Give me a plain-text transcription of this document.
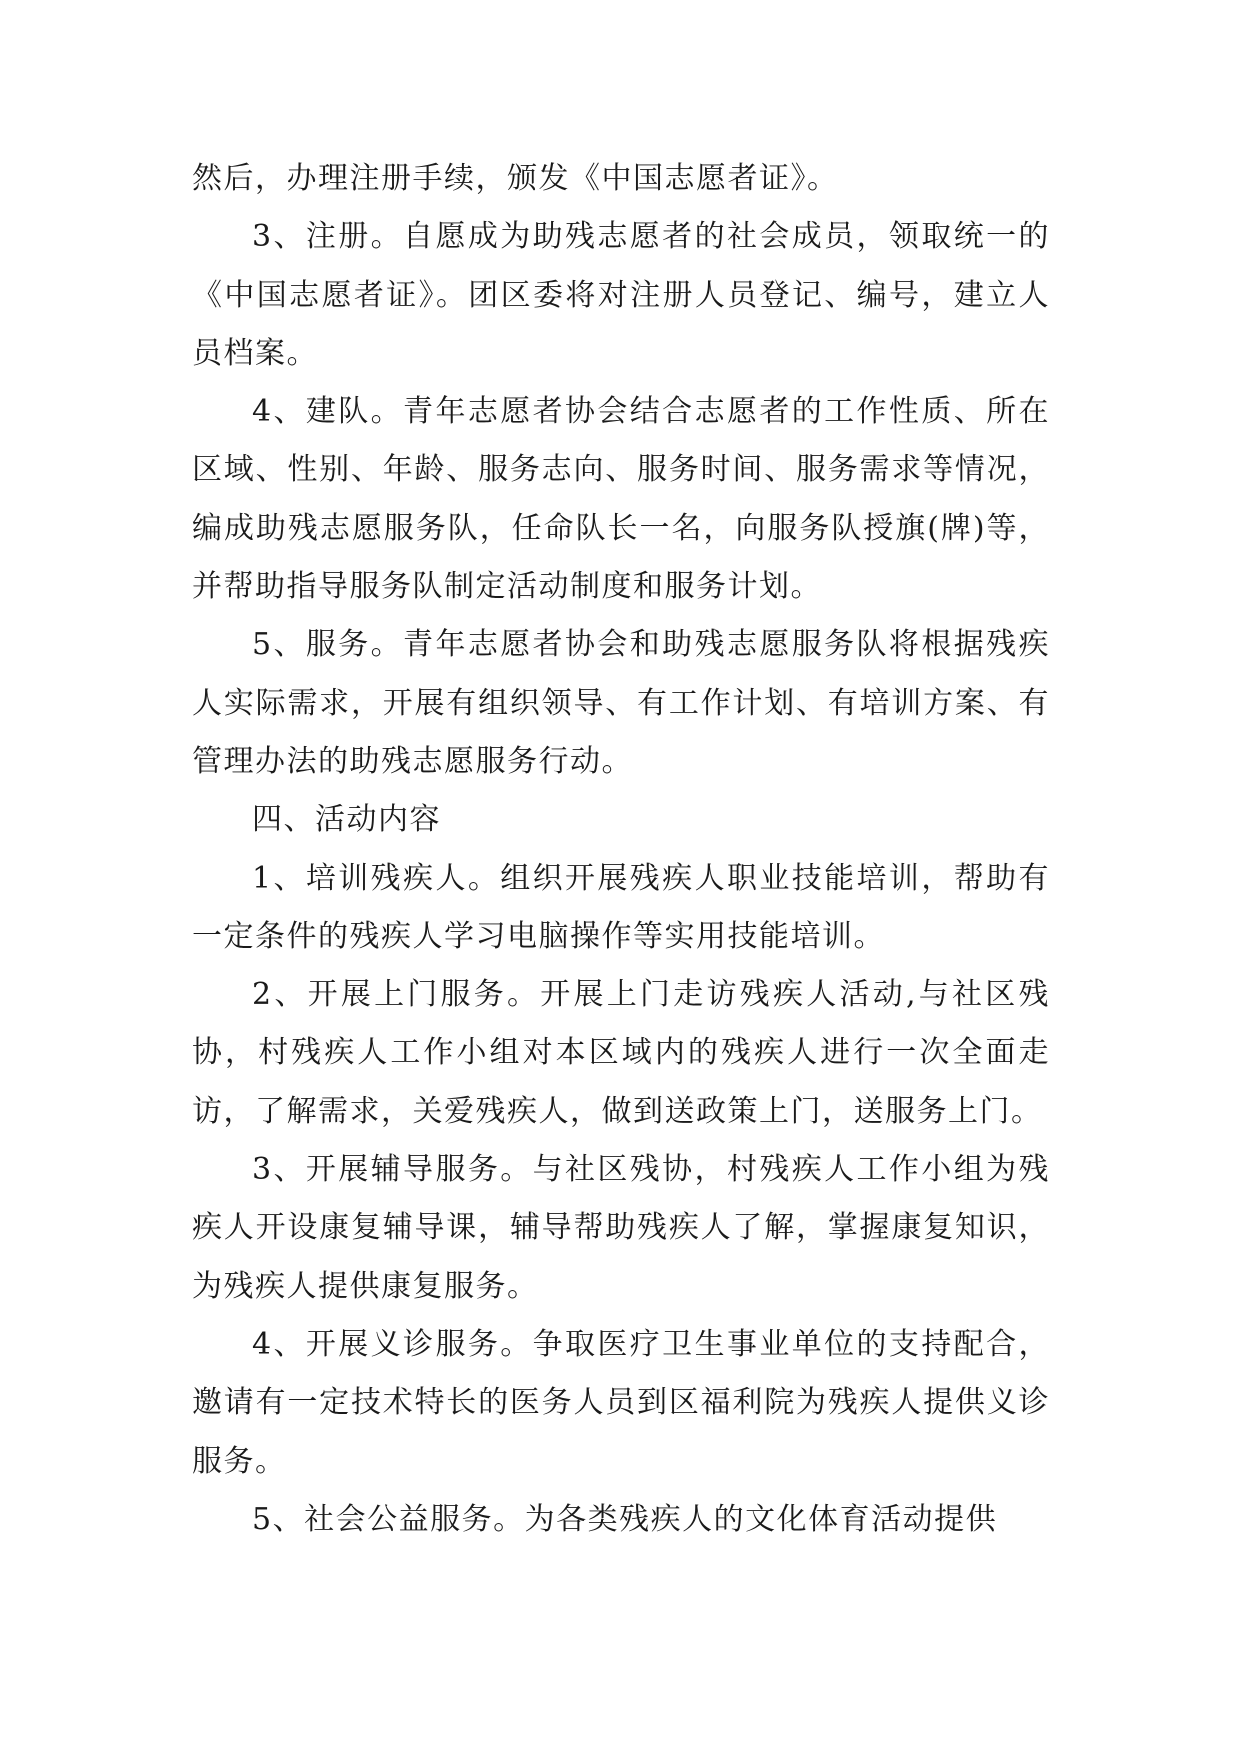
然后，办理注册手续，颁发《中国志愿者证》。

3、注册。自愿成为助残志愿者的社会成员，领取统一的《中国志愿者证》。团区委将对注册人员登记、编号，建立人员档案。

4、建队。青年志愿者协会结合志愿者的工作性质、所在区域、性别、年龄、服务志向、服务时间、服务需求等情况，编成助残志愿服务队，任命队长一名，向服务队授旗(牌)等，并帮助指导服务队制定活动制度和服务计划。

5、服务。青年志愿者协会和助残志愿服务队将根据残疾人实际需求，开展有组织领导、有工作计划、有培训方案、有管理办法的助残志愿服务行动。

四、活动内容

1、培训残疾人。组织开展残疾人职业技能培训，帮助有一定条件的残疾人学习电脑操作等实用技能培训。

2、开展上门服务。开展上门走访残疾人活动,与社区残协，村残疾人工作小组对本区域内的残疾人进行一次全面走访，了解需求，关爱残疾人，做到送政策上门，送服务上门。

3、开展辅导服务。与社区残协，村残疾人工作小组为残疾人开设康复辅导课，辅导帮助残疾人了解，掌握康复知识，为残疾人提供康复服务。

4、开展义诊服务。争取医疗卫生事业单位的支持配合，邀请有一定技术特长的医务人员到区福利院为残疾人提供义诊服务。

5、社会公益服务。为各类残疾人的文化体育活动提供
